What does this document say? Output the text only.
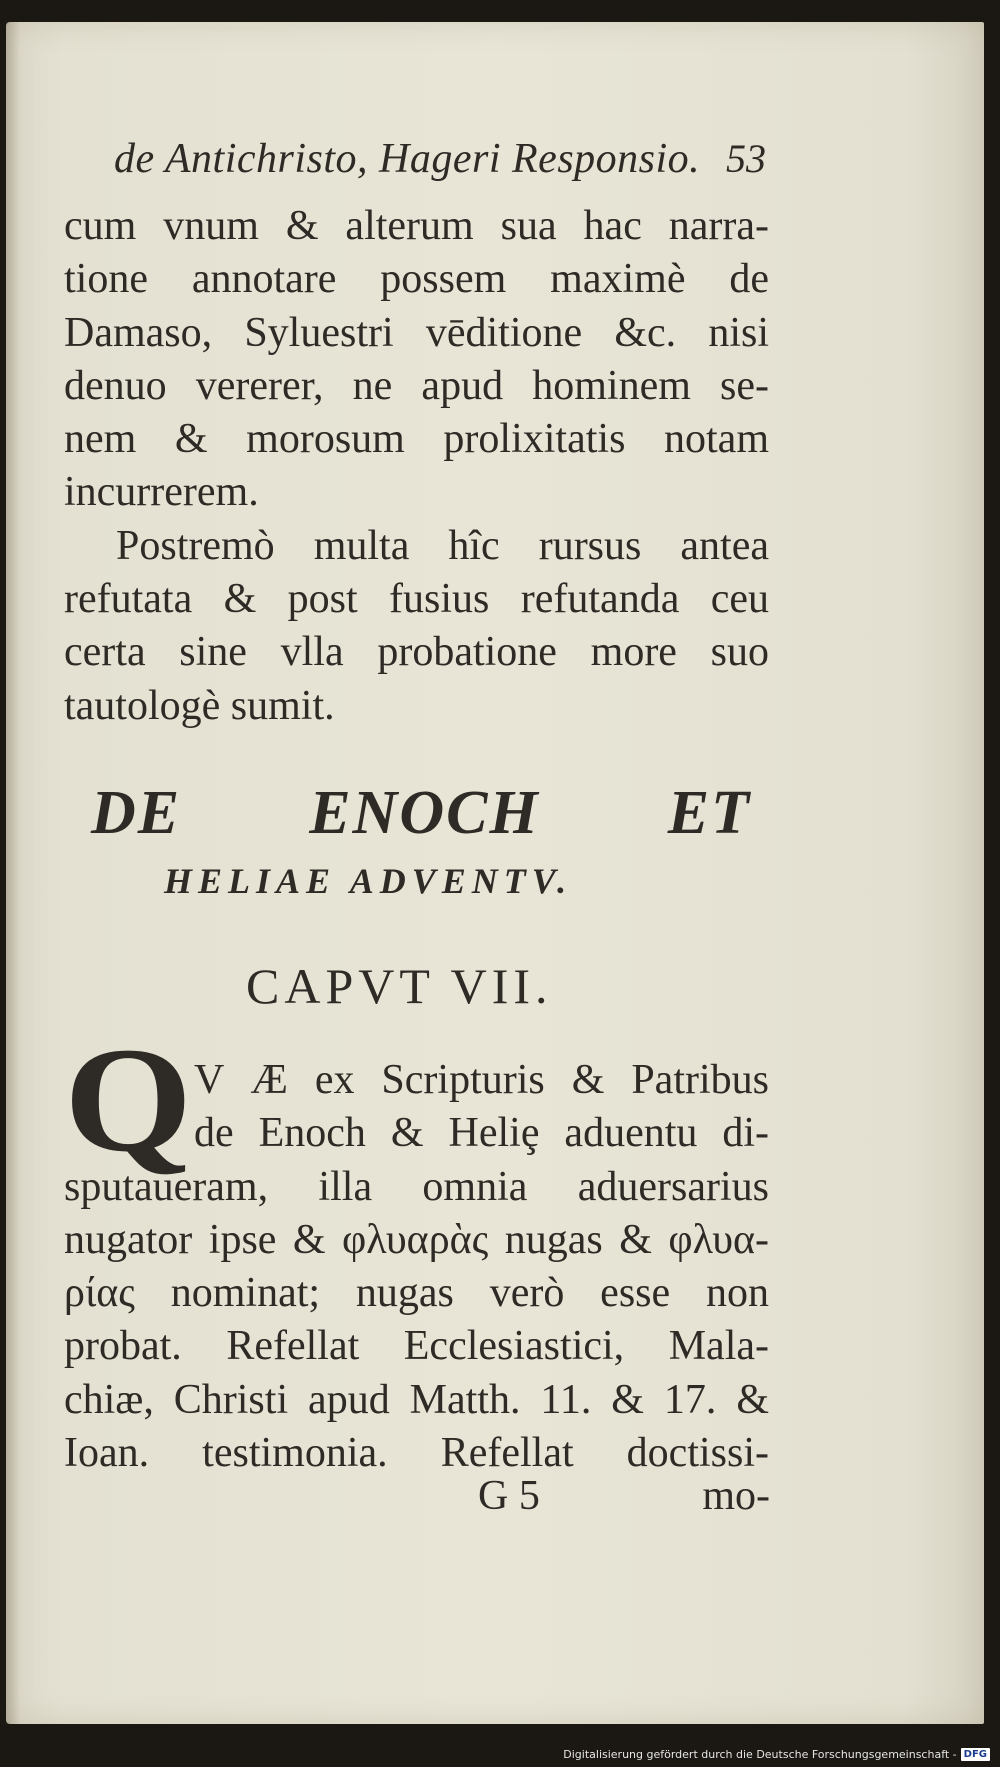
de Antichristo, Hageri Responsio. 53
cum vnum & alterum sua hac narra-
tione annotare possem maximè de
Damaso, Syluestri vēditione &c. nisi
denuo vererer, ne apud hominem se-
nem & morosum prolixitatis notam
incurrerem.
Postremò multa hîc rursus antea
refutata & post fusius refutanda ceu
certa sine vlla probatione more suo
tautologè sumit.
DE ENOCH ET
HELIAE ADVENTV.
CAPVT VII.
Q V Æ ex Scripturis & Patribus
de Enoch & Heliȩ aduentu di-
sputaueram, illa omnia aduersarius
nugator ipse & φλυαρὰς nugas & φλυα-
ρίας nominat; nugas verò esse non
probat. Refellat Ecclesiastici, Mala-
chiæ, Christi apud Matth. 11. & 17. &
Ioan. testimonia. Refellat doctissi-
G 5	mo-
Digitalisierung gefördert durch die Deutsche Forschungsgemeinschaft - DFG
